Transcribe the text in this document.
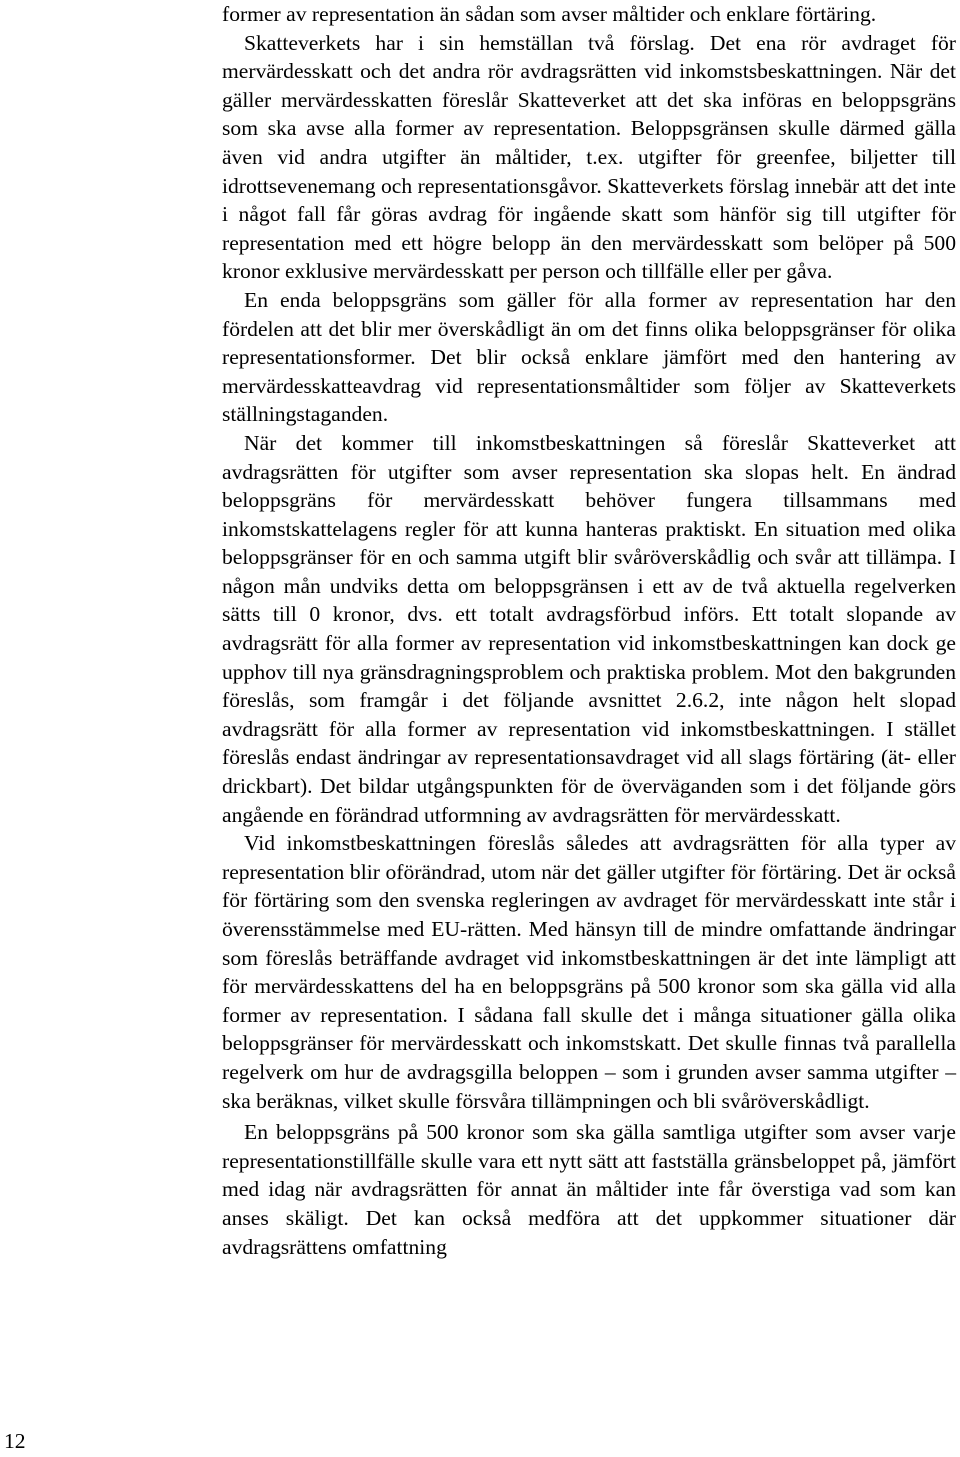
former av representation än sådan som avser måltider och enklare förtäring.

Skatteverkets har i sin hemställan två förslag. Det ena rör avdraget för mervärdesskatt och det andra rör avdragsrätten vid inkomstsbeskattningen. När det gäller mervärdesskatten föreslår Skatteverket att det ska införas en beloppsgräns som ska avse alla former av representation. Beloppsgränsen skulle därmed gälla även vid andra utgifter än måltider, t.ex. utgifter för greenfee, biljetter till idrottsevenemang och representationsgåvor. Skatteverkets förslag innebär att det inte i något fall får göras avdrag för ingående skatt som hänför sig till utgifter för representation med ett högre belopp än den mervärdesskatt som belöper på 500 kronor exklusive mervärdesskatt per person och tillfälle eller per gåva.

En enda beloppsgräns som gäller för alla former av representation har den fördelen att det blir mer överskådligt än om det finns olika beloppsgränser för olika representationsformer. Det blir också enklare jämfört med den hantering av mervärdesskatteavdrag vid representationsmåltider som följer av Skatteverkets ställningstaganden.

När det kommer till inkomstbeskattningen så föreslår Skatteverket att avdragsrätten för utgifter som avser representation ska slopas helt. En ändrad beloppsgräns för mervärdesskatt behöver fungera tillsammans med inkomstskattelagens regler för att kunna hanteras praktiskt. En situation med olika beloppsgränser för en och samma utgift blir svåröverskådlig och svår att tillämpa. I någon mån undviks detta om beloppsgränsen i ett av de två aktuella regelverken sätts till 0 kronor, dvs. ett totalt avdragsförbud införs. Ett totalt slopande av avdragsrätt för alla former av representation vid inkomstbeskattningen kan dock ge upphov till nya gränsdragningsproblem och praktiska problem. Mot den bakgrunden föreslås, som framgår i det följande avsnittet 2.6.2, inte någon helt slopad avdragsrätt för alla former av representation vid inkomstbeskattningen. I stället föreslås endast ändringar av representationsavdraget vid all slags förtäring (ät- eller drickbart). Det bildar utgångspunkten för de överväganden som i det följande görs angående en förändrad utformning av avdragsrätten för mervärdesskatt.

Vid inkomstbeskattningen föreslås således att avdragsrätten för alla typer av representation blir oförändrad, utom när det gäller utgifter för förtäring. Det är också för förtäring som den svenska regleringen av avdraget för mervärdesskatt inte står i överensstämmelse med EU-rätten. Med hänsyn till de mindre omfattande ändringar som föreslås beträffande avdraget vid inkomstbeskattningen är det inte lämpligt att för mervärdesskattens del ha en beloppsgräns på 500 kronor som ska gälla vid alla former av representation. I sådana fall skulle det i många situationer gälla olika beloppsgränser för mervärdesskatt och inkomstskatt. Det skulle finnas två parallella regelverk om hur de avdragsgilla beloppen – som i grunden avser samma utgifter – ska beräknas, vilket skulle försvåra tillämpningen och bli svåröverskådligt.

En beloppsgräns på 500 kronor som ska gälla samtliga utgifter som avser varje representationstillfälle skulle vara ett nytt sätt att fastställa gränsbeloppet på, jämfört med idag när avdragsrätten för annat än måltider inte får överstiga vad som kan anses skäligt. Det kan också medföra att det uppkommer situationer där avdragsrättens omfattning

12
